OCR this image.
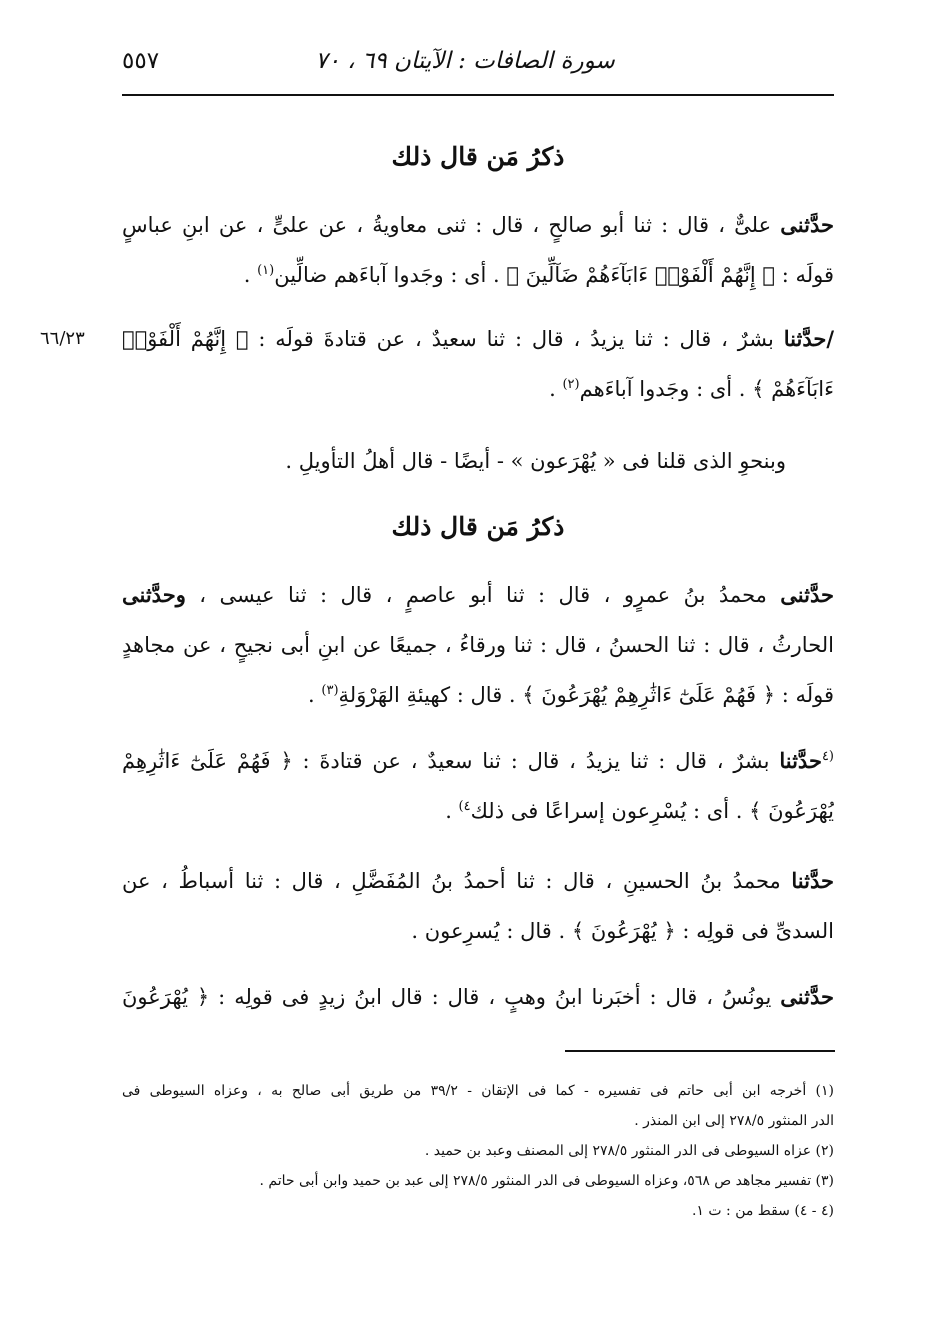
سورة الصافات : الآيتان ٦٩ ، ٧٠
٥٥٧
ذكرُ مَن قال ذلك
حدَّثنى علىٌّ ، قال : ثنا أبو صالحٍ ، قال : ثنى معاويةُ ، عن علىٍّ ، عن ابنِ عباسٍ
قولَه : ﴿ إِنَّهُمْ أَلْفَوْا۟ ءَابَآءَهُمْ ضَآلِّينَ ﴾ . أى : وجَدوا آباءَهم ضالِّين$^{(١)}$ .
/حدَّثنا بشرٌ ، قال : ثنا يزيدُ ، قال : ثنا سعيدٌ ، عن قتادةَ قولَه : ﴿ إِنَّهُمْ أَلْفَوْا۟
ءَابَآءَهُمْ ﴾ . أى : وجَدوا آباءَهم$^{(٢)}$ .
٦٦/٢٣
وبنحوِ الذى قلنا فى « يُهْرَعون » - أيضًا - قال أهلُ التأويلِ .
ذكرُ مَن قال ذلك
حدَّثنى محمدُ بنُ عمرٍو ، قال : ثنا أبو عاصمٍ ، قال : ثنا عيسى ، وحدَّثنى
الحارثُ ، قال : ثنا الحسنُ ، قال : ثنا ورقاءُ ، جميعًا عن ابنِ أبى نجيحٍ ، عن مجاهدٍ
قولَه : ﴿ فَهُمْ عَلَىٰٓ ءَاثَٰرِهِمْ يُهْرَعُونَ ﴾ . قال : كهيئةِ الهَرْوَلةِ$^{(٣)}$ .
$^{(٤}$حدَّثنا بشرٌ ، قال : ثنا يزيدُ ، قال : ثنا سعيدٌ ، عن قتادةَ : ﴿ فَهُمْ عَلَىٰٓ ءَاثَٰرِهِمْ
يُهْرَعُونَ ﴾ . أى : يُسْرِعون إسراعًا فى ذلك$^{٤)}$ .
حدَّثنا محمدُ بنُ الحسينِ ، قال : ثنا أحمدُ بنُ المُفَضَّلِ ، قال : ثنا أسباطُ ، عن
السدىِّ فى قولِه : ﴿ يُهْرَعُونَ ﴾ . قال : يُسرِعون .
حدَّثنى يونُسُ ، قال : أخبَرنا ابنُ وهبٍ ، قال : قال ابنُ زيدٍ فى قولِه : ﴿ يُهْرَعُونَ
(١) أخرجه ابن أبى حاتم فى تفسيره - كما فى الإتقان - ٣٩/٢ من طريق أبى صالح به ، وعزاه السيوطى فى
الدر المنثور ٢٧٨/٥ إلى ابن المنذر .
(٢) عزاه السيوطى فى الدر المنثور ٢٧٨/٥ إلى المصنف وعبد بن حميد .
(٣) تفسير مجاهد ص ٥٦٨، وعزاه السيوطى فى الدر المنثور ٢٧٨/٥ إلى عبد بن حميد وابن أبى حاتم .
(٤ - ٤) سقط من : ت ١.
